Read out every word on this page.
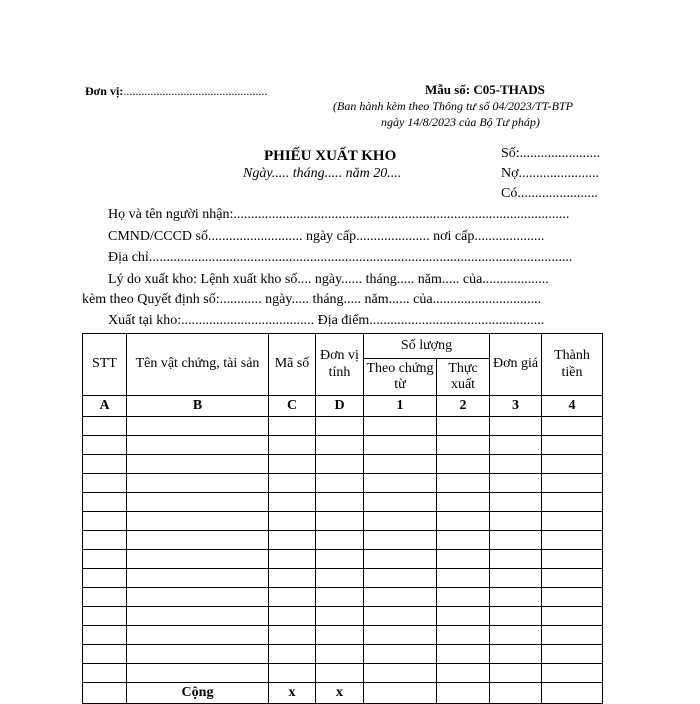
Đơn vị:................................................	Mẫu số: C05-THADS
(Ban hành kèm theo Thông tư số 04/2023/TT-BTP
ngày 14/8/2023 của Bộ Tư pháp)
PHIẾU XUẤT KHO
Ngày..... tháng..... năm 20....
Số:.......................
Nợ.......................
Có.......................
Họ và tên người nhận:................................................................................................
CMND/CCCD số........................... ngày cấp..................... nơi cấp....................
Địa chỉ.........................................................................................................................
Lý do xuất kho: Lệnh xuất kho số.... ngày...... tháng..... năm..... của...................
kèm theo Quyết định số:............ ngày..... tháng..... năm...... của...............................
Xuất tại kho:...................................... Địa điểm..................................................
STT	Tên vật chứng, tài sản	Mã số	Đơn vị tính	Số lượng		Đơn giá	Thành tiền
				Theo chứng từ	Thực xuất		
A	B	C	D	1	2	3	4

	Cộng	x	x				
